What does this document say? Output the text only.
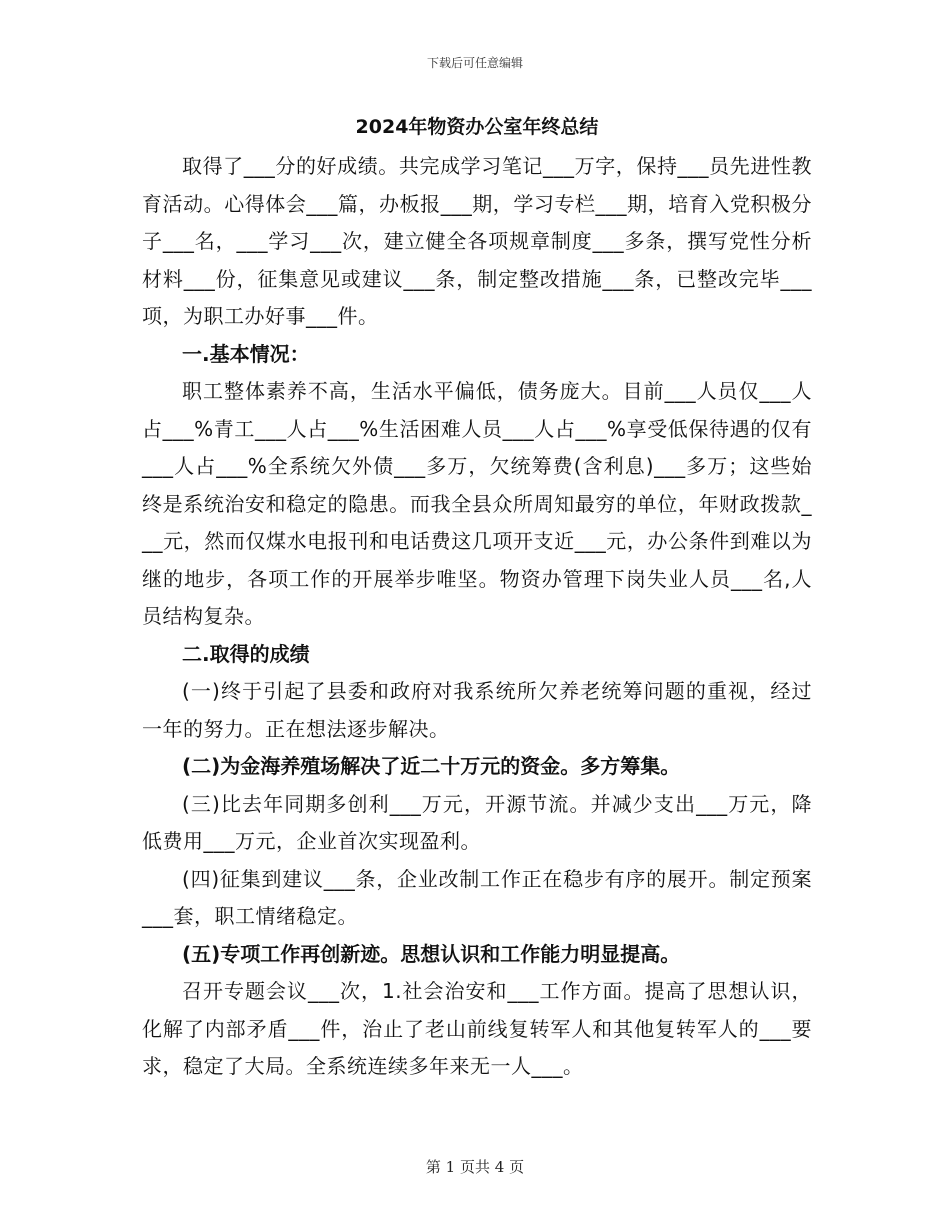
下载后可任意编辑
2024年物资办公室年终总结

取得了___分的好成绩。共完成学习笔记___万字，保持___员先进性教育活动。心得体会___篇，办板报___期，学习专栏___期，培育入党积极分子___名，___学习___次，建立健全各项规章制度___多条，撰写党性分析材料___份，征集意见或建议___条，制定整改措施___条，已整改完毕___项，为职工办好事___件。

一.基本情况：

职工整体素养不高，生活水平偏低，债务庞大。目前___人员仅___人占___%青工___人占___%生活困难人员___人占___%享受低保待遇的仅有___人占___%全系统欠外债___多万，欠统筹费(含利息)___多万；这些始终是系统治安和稳定的隐患。而我全县众所周知最穷的单位，年财政拨款___元，然而仅煤水电报刊和电话费这几项开支近___元，办公条件到难以为继的地步，各项工作的开展举步唯坚。物资办管理下岗失业人员___名,人员结构复杂。

二.取得的成绩

(一)终于引起了县委和政府对我系统所欠养老统筹问题的重视，经过一年的努力。正在想法逐步解决。

(二)为金海养殖场解决了近二十万元的资金。多方筹集。

(三)比去年同期多创利___万元，开源节流。并减少支出___万元，降低费用___万元，企业首次实现盈利。

(四)征集到建议___条，企业改制工作正在稳步有序的展开。制定预案___套，职工情绪稳定。

(五)专项工作再创新迹。思想认识和工作能力明显提高。

召开专题会议___次，1.社会治安和___工作方面。提高了思想认识，化解了内部矛盾___件，治止了老山前线复转军人和其他复转军人的___要求，稳定了大局。全系统连续多年来无一人___。

第 1 页共 4 页
